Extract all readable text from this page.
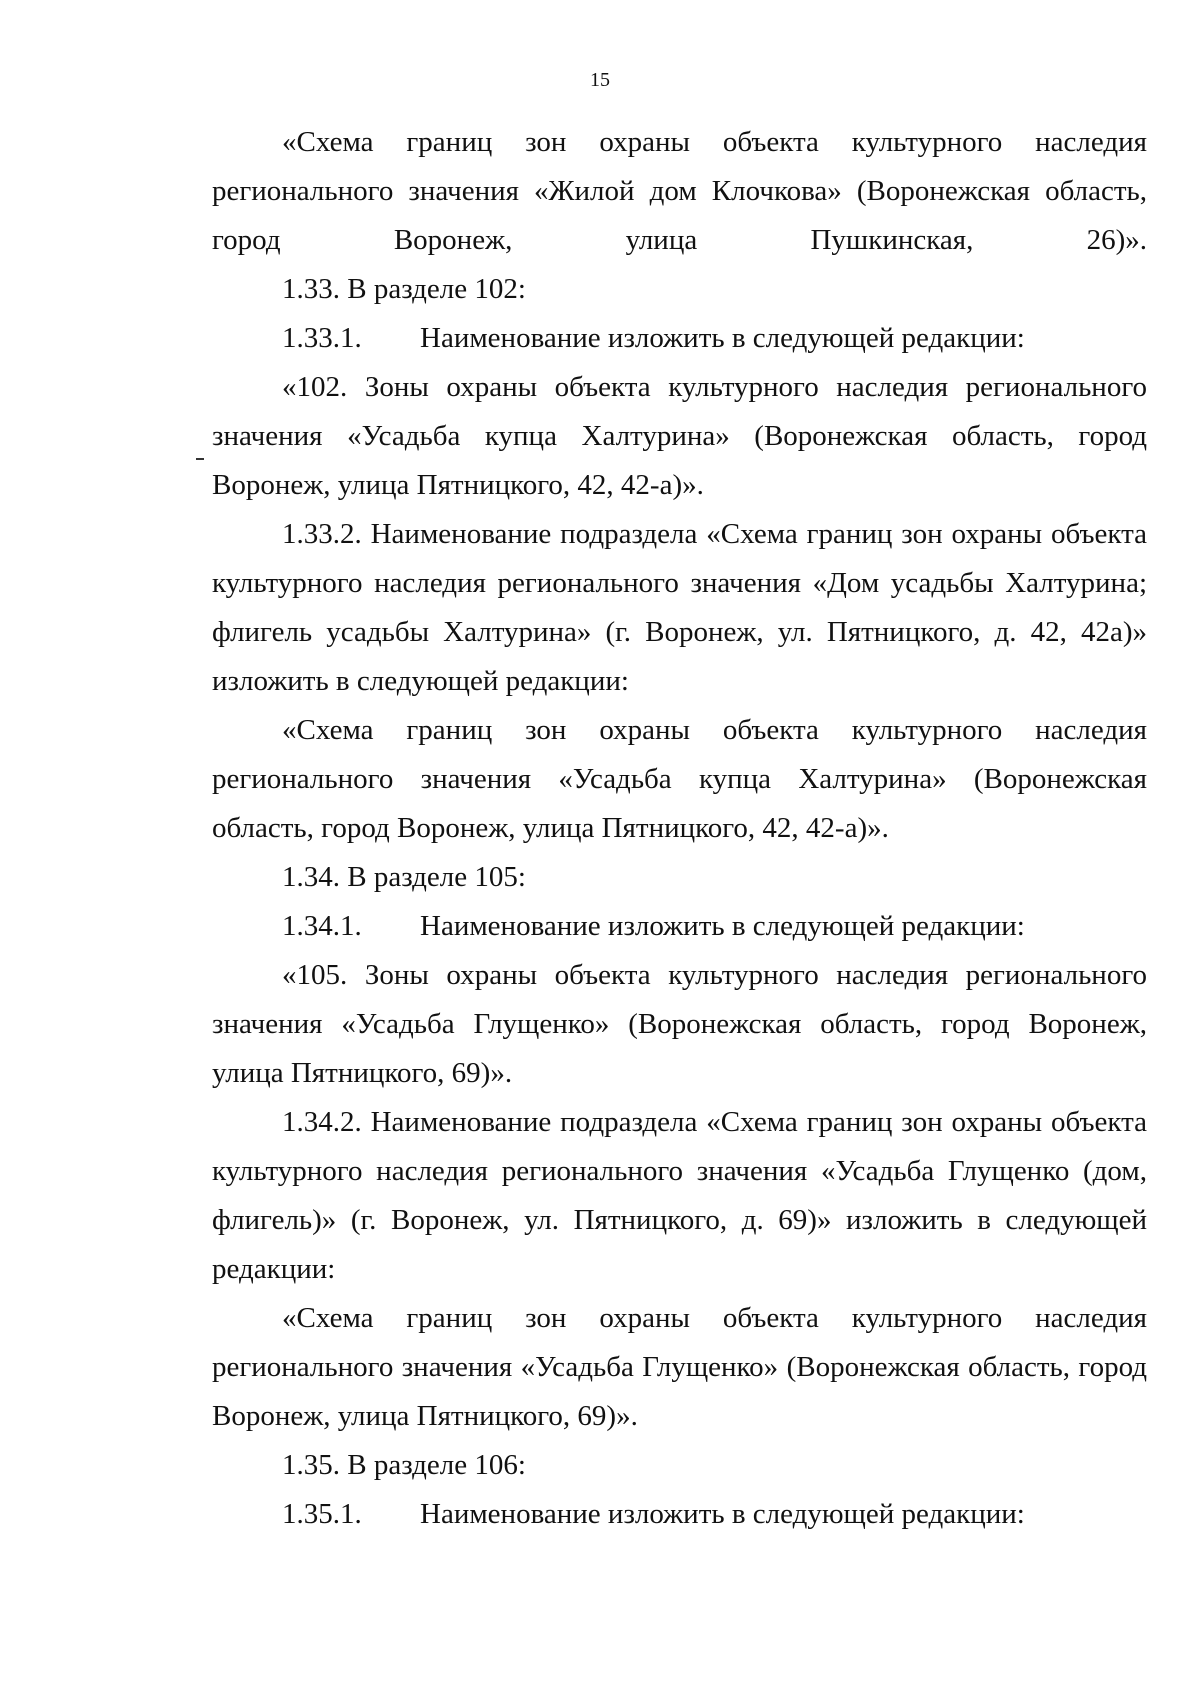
15

«Схема границ зон охраны объекта культурного наследия регионального значения «Жилой дом Клочкова» (Воронежская область, город Воронеж, улица Пушкинская, 26)».

1.33. В разделе 102:

1.33.1. Наименование изложить в следующей редакции:

«102. Зоны охраны объекта культурного наследия регионального значения «Усадьба купца Халтурина» (Воронежская область, город Воронеж, улица Пятницкого, 42, 42-а)».

1.33.2. Наименование подраздела «Схема границ зон охраны объекта культурного наследия регионального значения «Дом усадьбы Халтурина; флигель усадьбы Халтурина» (г. Воронеж, ул. Пятницкого, д. 42, 42а)» изложить в следующей редакции:

«Схема границ зон охраны объекта культурного наследия регионального значения «Усадьба купца Халтурина» (Воронежская область, город Воронеж, улица Пятницкого, 42, 42-а)».

1.34. В разделе 105:

1.34.1. Наименование изложить в следующей редакции:

«105. Зоны охраны объекта культурного наследия регионального значения «Усадьба Глущенко» (Воронежская область, город Воронеж, улица Пятницкого, 69)».

1.34.2. Наименование подраздела «Схема границ зон охраны объекта культурного наследия регионального значения «Усадьба Глущенко (дом, флигель)» (г. Воронеж, ул. Пятницкого, д. 69)» изложить в следующей редакции:

«Схема границ зон охраны объекта культурного наследия регионального значения «Усадьба Глущенко» (Воронежская область, город Воронеж, улица Пятницкого, 69)».

1.35. В разделе 106:

1.35.1. Наименование изложить в следующей редакции:
